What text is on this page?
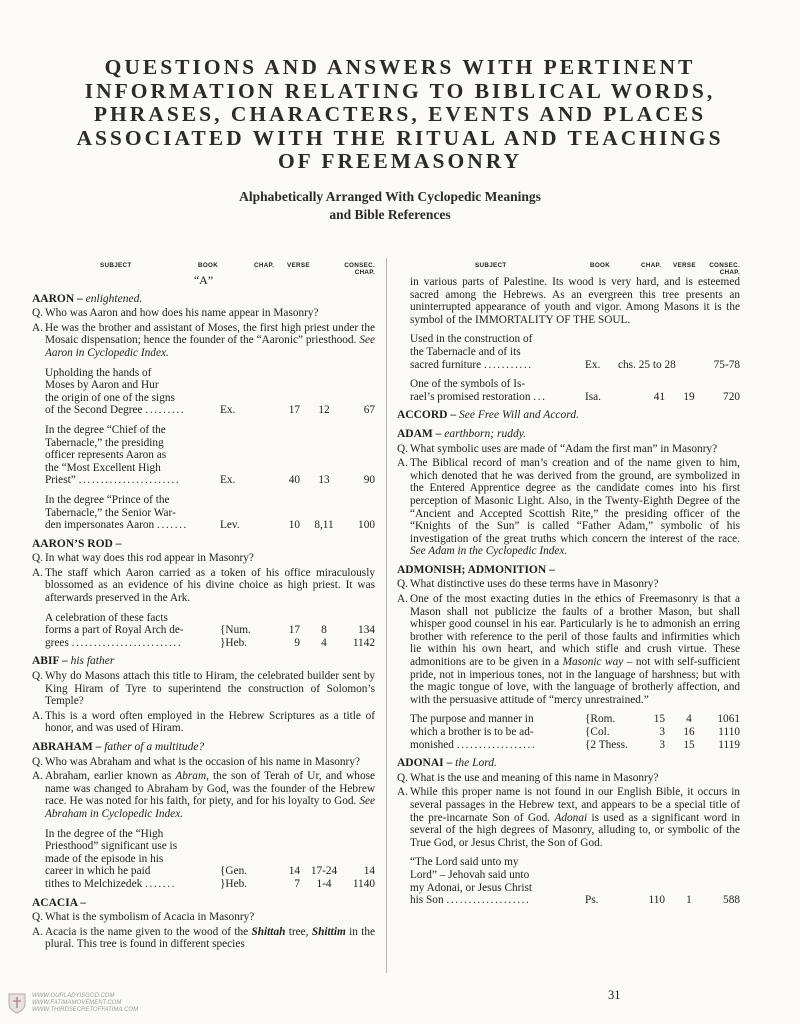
QUESTIONS AND ANSWERS WITH PERTINENT
INFORMATION RELATING TO BIBLICAL WORDS,
PHRASES, CHARACTERS, EVENTS AND PLACES
ASSOCIATED WITH THE RITUAL AND TEACHINGS
OF FREEMASONRY
Alphabetically Arranged With Cyclopedic Meanings
and Bible References
SUBJECT	BOOK	CHAP. VERSE	CONSEC.
CHAP.
“A”
AARON – enlightened.
Q. Who was Aaron and how does his name appear in Masonry?
A. He was the brother and assistant of Moses, the first high priest under the Mosaic dispensation; hence the founder of the “Aaronic” priesthood. See Aaron in Cyclopedic Index.
Upholding the hands of
Moses by Aaron and Hur
the origin of one of the signs
of the Second Degree .........	Ex.	17	12	67
In the degree “Chief of the
Tabernacle,” the presiding
officer represents Aaron as
the “Most Excellent High
Priest” .......................	Ex.	40	13	90
In the degree “Prince of the
Tabernacle,” the Senior War-
den impersonates Aaron .......	Lev.	10	8,11	100
AARON’S ROD –
Q. In what way does this rod appear in Masonry?
A. The staff which Aaron carried as a token of his office miraculously blossomed as an evidence of his divine choice as high priest. It was afterwards preserved in the Ark.
A celebration of these facts
forms a part of Royal Arch de-
grees .........................
{Num.	17	8	134
}Heb.	9	4	1142
ABIF – his father
Q. Why do Masons attach this title to Hiram, the celebrated builder sent by King Hiram of Tyre to superintend the construction of Solomon’s Temple?
A. This is a word often employed in the Hebrew Scriptures as a title of honor, and was used of Hiram.
ABRAHAM – father of a multitude?
Q. Who was Abraham and what is the occasion of his name in Masonry?
A. Abraham, earlier known as Abram, the son of Terah of Ur, and whose name was changed to Abraham by God, was the founder of the Hebrew race. He was noted for his faith, for piety, and for his loyalty to God. See Abraham in Cyclopedic Index.
In the degree of the “High
Priesthood” significant use is
made of the episode in his
career in which he paid
tithes to Melchizedek .......
{Gen.	14 17-24	14
}Heb.	7	1-4	1140
ACACIA –
Q. What is the symbolism of Acacia in Masonry?
A. Acacia is the name given to the wood of the Shittah tree, Shittim in the plural. This tree is found in different species
SUBJECT	BOOK	CHAP. VERSE CONSEC.
CHAP.
in various parts of Palestine. Its wood is very hard, and is esteemed sacred among the Hebrews. As an evergreen this tree presents an uninterrupted appearance of youth and vigor. Among Masons it is the symbol of the IMMORTALITY OF THE SOUL.
Used in the construction of
the Tabernacle and of its
sacred furniture ...........	Ex. chs. 25 to 28	75-78
One of the symbols of Is-
rael’s promised restoration ...	Isa.	41	19	720
ACCORD – See Free Will and Accord.
ADAM – earthborn; ruddy.
Q. What symbolic uses are made of “Adam the first man” in Masonry?
A. The Biblical record of man’s creation and of the name given to him, which denoted that he was derived from the ground, are symbolized in the Entered Apprentice degree as the candidate comes into his first perception of Masonic Light. Also, in the Twenty-Eighth Degree of the “Ancient and Accepted Scottish Rite,” the presiding officer of the “Knights of the Sun” is called “Father Adam,” symbolic of his investigation of the great truths which concern the interest of the race. See Adam in the Cyclopedic Index.
ADMONISH; ADMONITION –
Q. What distinctive uses do these terms have in Masonry?
A. One of the most exacting duties in the ethics of Freemasonry is that a Mason shall not publicize the faults of a brother Mason, but shall whisper good counsel in his ear. Particularly is he to admonish an erring brother with reference to the peril of those faults and infirmities which lie within his own heart, and which stifle and crush virtue. These admonitions are to be given in a Masonic way – not with self-sufficient pride, not in imperious tones, not in the language of harshness; but with the magic tongue of love, with the language of brotherly affection, and with the persuasive attitude of “mercy unrestrained.”
The purpose and manner in
which a brother is to be ad-
monished ..................
{Rom.	15	4	1061
{Col.	3	16	1110
{2 Thess.	3	15	1119
ADONAI – the Lord.
Q. What is the use and meaning of this name in Masonry?
A. While this proper name is not found in our English Bible, it occurs in several passages in the Hebrew text, and appears to be a special title of the pre-incarnate Son of God. Adonai is used as a significant word in several of the high degrees of Masonry, alluding to, or symbolic of the True God, or Jesus Christ, the Son of God.
“The Lord said unto my
Lord” – Jehovah said unto
my Adonai, or Jesus Christ
his Son ...................	Ps.	110	1	588
31
WWW.OURLADYISGOD.COM
WWW.FATIMAMOVEMENT.COM
WWW.THIRDSECRETOFFATIMA.COM
